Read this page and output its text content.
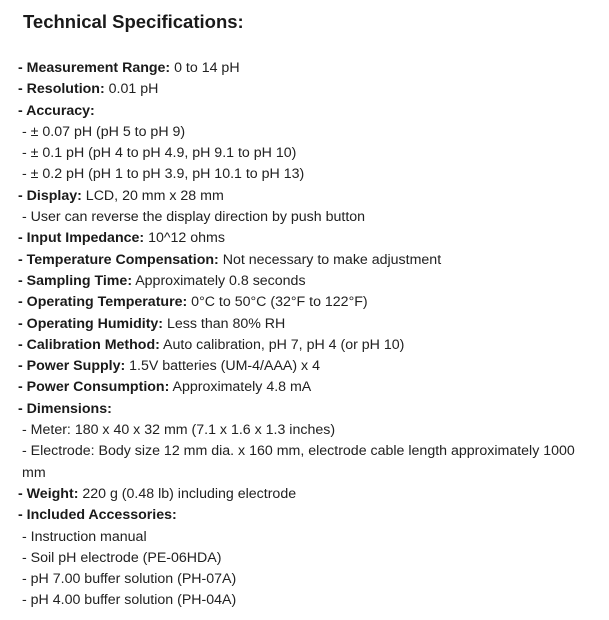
Technical Specifications:
- Measurement Range: 0 to 14 pH
- Resolution: 0.01 pH
- Accuracy:
- ± 0.07 pH (pH 5 to pH 9)
- ± 0.1 pH (pH 4 to pH 4.9, pH 9.1 to pH 10)
- ± 0.2 pH (pH 1 to pH 3.9, pH 10.1 to pH 13)
- Display: LCD, 20 mm x 28 mm
- User can reverse the display direction by push button
- Input Impedance: 10^12 ohms
- Temperature Compensation: Not necessary to make adjustment
- Sampling Time: Approximately 0.8 seconds
- Operating Temperature: 0°C to 50°C (32°F to 122°F)
- Operating Humidity: Less than 80% RH
- Calibration Method: Auto calibration, pH 7, pH 4 (or pH 10)
- Power Supply: 1.5V batteries (UM-4/AAA) x 4
- Power Consumption: Approximately 4.8 mA
- Dimensions:
- Meter: 180 x 40 x 32 mm (7.1 x 1.6 x 1.3 inches)
- Electrode: Body size 12 mm dia. x 160 mm, electrode cable length approximately 1000 mm
- Weight: 220 g (0.48 lb) including electrode
- Included Accessories:
- Instruction manual
- Soil pH electrode (PE-06HDA)
- pH 7.00 buffer solution (PH-07A)
- pH 4.00 buffer solution (PH-04A)
